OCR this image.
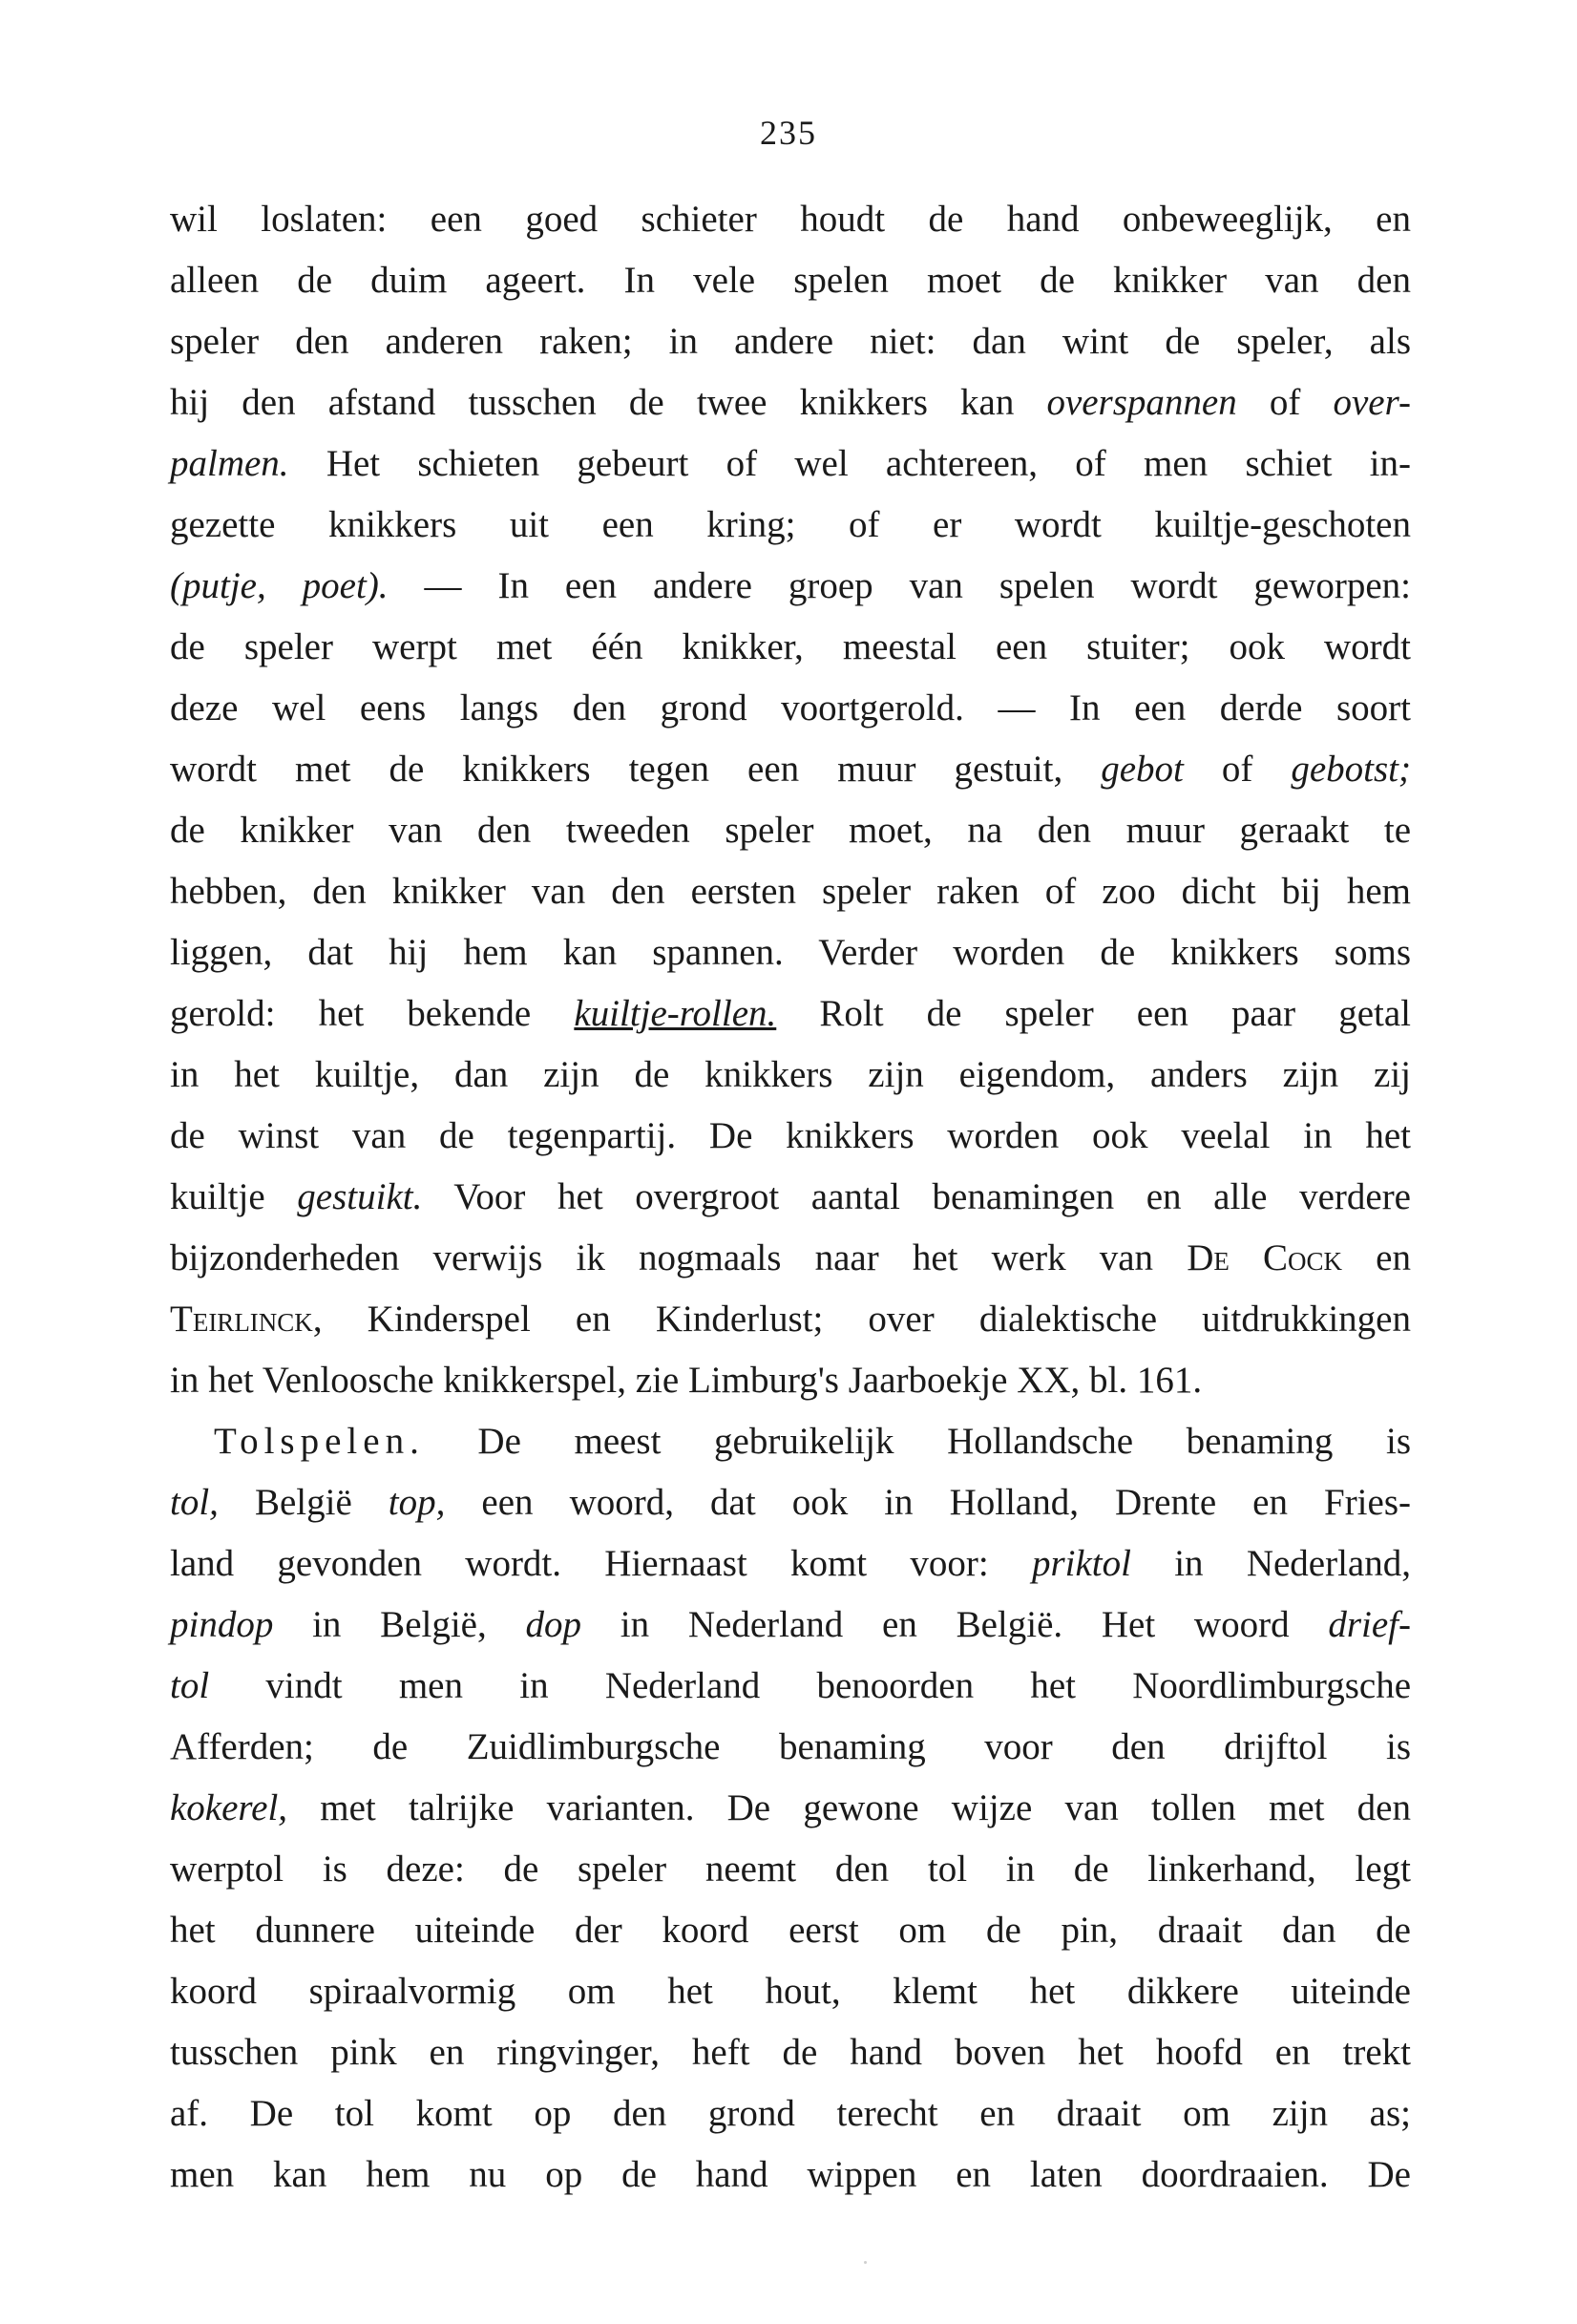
235
wil loslaten: een goed schieter houdt de hand onbeweeglijk, en
alleen de duim ageert. In vele spelen moet de knikker van den
speler den anderen raken; in andere niet: dan wint de speler, als
hij den afstand tusschen de twee knikkers kan overspannen of over-
palmen. Het schieten gebeurt of wel achtereen, of men schiet in-
gezette knikkers uit een kring; of er wordt kuiltje-geschoten
(putje, poet). — In een andere groep van spelen wordt geworpen:
de speler werpt met één knikker, meestal een stuiter; ook wordt
deze wel eens langs den grond voortgerold. — In een derde soort
wordt met de knikkers tegen een muur gestuit, gebot of gebotst;
de knikker van den tweeden speler moet, na den muur geraakt te
hebben, den knikker van den eersten speler raken of zoo dicht bij hem
liggen, dat hij hem kan spannen. Verder worden de knikkers soms
gerold: het bekende kuiltje-rollen. Rolt de speler een paar getal
in het kuiltje, dan zijn de knikkers zijn eigendom, anders zijn zij
de winst van de tegenpartij. De knikkers worden ook veelal in het
kuiltje gestuikt. Voor het overgroot aantal benamingen en alle verdere
bijzonderheden verwijs ik nogmaals naar het werk van De Cock en
Teirlinck, Kinderspel en Kinderlust; over dialektische uitdrukkingen
in het Venloosche knikkerspel, zie Limburg's Jaarboekje XX, bl. 161.
Tolspelen. De meest gebruikelijk Hollandsche benaming is
tol, België top, een woord, dat ook in Holland, Drente en Fries-
land gevonden wordt. Hiernaast komt voor: priktol in Nederland,
pindop in België, dop in Nederland en België. Het woord drief-
tol vindt men in Nederland benoorden het Noordlimburgsche
Afferden; de Zuidlimburgsche benaming voor den drijftol is
kokerel, met talrijke varianten. De gewone wijze van tollen met den
werptol is deze: de speler neemt den tol in de linkerhand, legt
het dunnere uiteinde der koord eerst om de pin, draait dan de
koord spiraalvormig om het hout, klemt het dikkere uiteinde
tusschen pink en ringvinger, heft de hand boven het hoofd en trekt
af. De tol komt op den grond terecht en draait om zijn as;
men kan hem nu op de hand wippen en laten doordraaien. De
